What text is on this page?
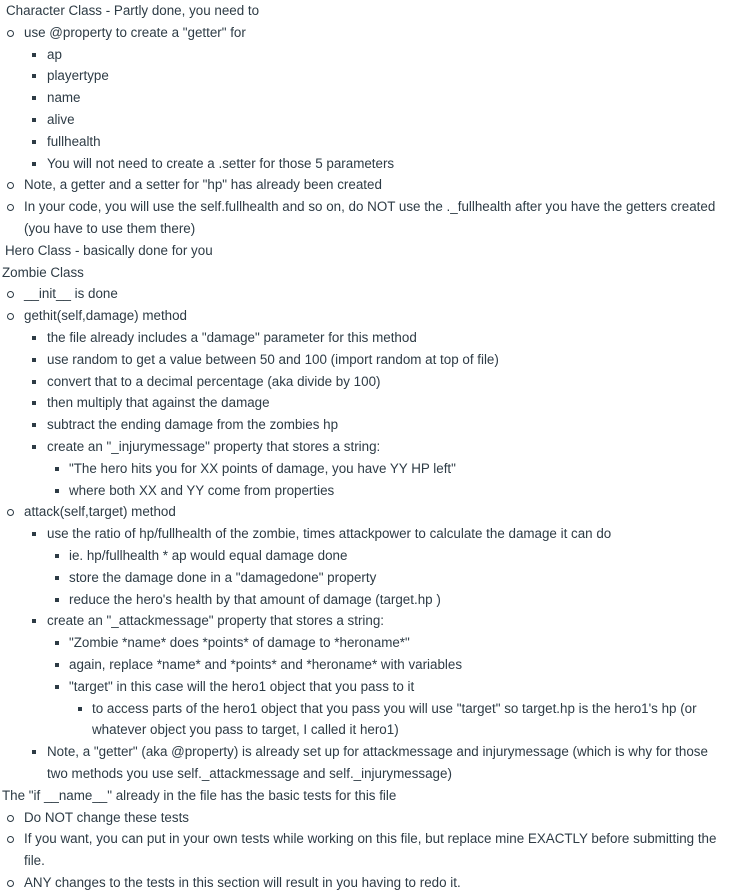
Character Class - Partly done, you need to
use @property to create a "getter" for
ap
playertype
name
alive
fullhealth
You will not need to create a .setter for those 5 parameters
Note, a getter and a setter for "hp" has already been created
In your code, you will use the self.fullhealth and so on, do NOT use the ._fullhealth after you have the getters created (you have to use them there)
Hero Class - basically done for you
Zombie Class
__init__ is done
gethit(self,damage) method
the file already includes a "damage" parameter for this method
use random to get a value between 50 and 100 (import random at top of file)
convert that to a decimal percentage (aka divide by 100)
then multiply that against the damage
subtract the ending damage from the zombies hp
create an "_injurymessage" property that stores a string:
"The hero hits you for XX points of damage, you have YY HP left"
where both XX and YY come from properties
attack(self,target) method
use the ratio of hp/fullhealth of the zombie, times attackpower to calculate the damage it can do
ie. hp/fullhealth * ap would equal damage done
store the damage done in a "damagedone" property
reduce the hero's health by that amount of damage (target.hp )
create an "_attackmessage" property that stores a string:
"Zombie *name* does *points* of damage to *heroname*"
again, replace *name* and *points* and *heroname* with variables
"target" in this case will the hero1 object that you pass to it
to access parts of the hero1 object that you pass you will use "target" so target.hp is the hero1's hp (or whatever object you pass to target, I called it hero1)
Note, a "getter" (aka @property) is already set up for attackmessage and injurymessage (which is why for those two methods you use self._attackmessage and self._injurymessage)
The "if __name__" already in the file has the basic tests for this file
Do NOT change these tests
If you want, you can put in your own tests while working on this file, but replace mine EXACTLY before submitting the file.
ANY changes to the tests in this section will result in you having to redo it.
